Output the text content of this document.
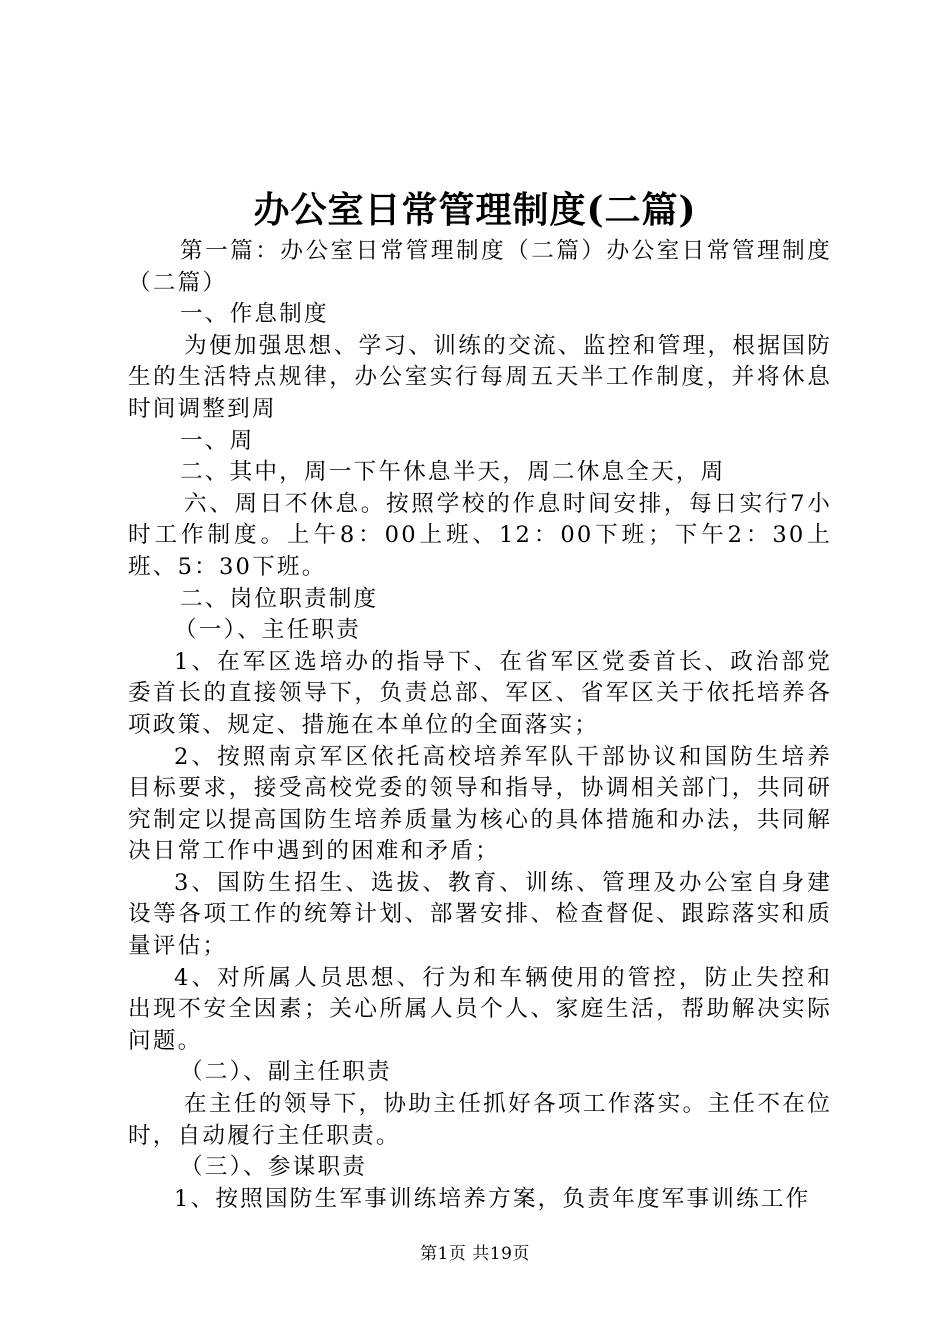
办公室日常管理制度(二篇)

第一篇：办公室日常管理制度（二篇）办公室日常管理制度（二篇）

一、作息制度

为便加强思想、学习、训练的交流、监控和管理，根据国防生的生活特点规律，办公室实行每周五天半工作制度，并将休息时间调整到周

一、周

二、其中，周一下午休息半天，周二休息全天，周

六、周日不休息。按照学校的作息时间安排，每日实行7小时工作制度。上午8：00上班、12：00下班；下午2：30上班、5：30下班。

二、岗位职责制度

（一）、主任职责

1、在军区选培办的指导下、在省军区党委首长、政治部党委首长的直接领导下，负责总部、军区、省军区关于依托培养各项政策、规定、措施在本单位的全面落实；

2、按照南京军区依托高校培养军队干部协议和国防生培养目标要求，接受高校党委的领导和指导，协调相关部门，共同研究制定以提高国防生培养质量为核心的具体措施和办法，共同解决日常工作中遇到的困难和矛盾；

3、国防生招生、选拔、教育、训练、管理及办公室自身建设等各项工作的统筹计划、部署安排、检查督促、跟踪落实和质量评估；

4、对所属人员思想、行为和车辆使用的管控，防止失控和出现不安全因素；关心所属人员个人、家庭生活，帮助解决实际问题。

（二）、副主任职责

在主任的领导下，协助主任抓好各项工作落实。主任不在位时，自动履行主任职责。

（三）、参谋职责

1、按照国防生军事训练培养方案，负责年度军事训练工作

第1页 共19页
